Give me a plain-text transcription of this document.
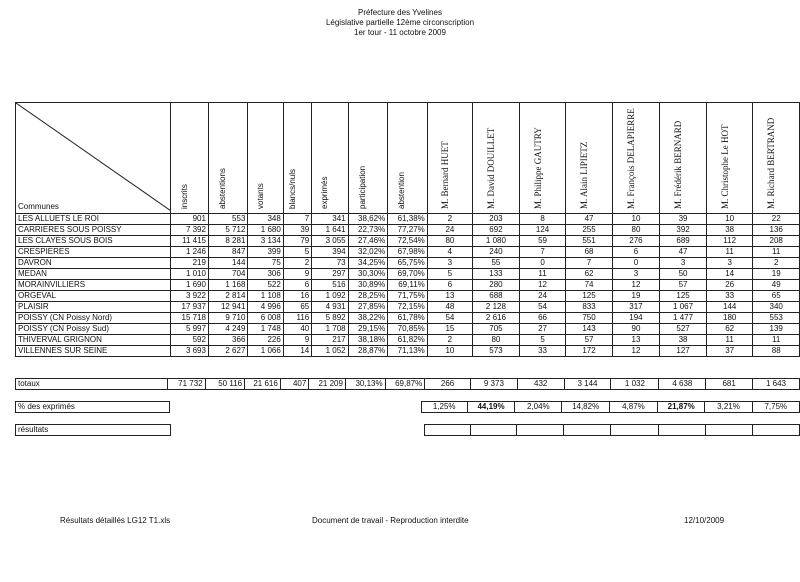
Préfecture des Yvelines
Législative partielle 12ème circonscription
1er tour - 11 octobre 2009
Communes	inscrits	abstentions	votants	blancs/nuls	exprimés	participation	abstention	M. Bernard HUET	M. David DOUILLET	M. Philippe GAUTRY	M. Alain LIPIETZ	M. François DELAPIERRE	M. Frédérik BERNARD	M. Christophe Le HOT	M. Richard BERTRAND

LES ALLUETS LE ROI	901	553	348	7	341	38,62%	61,38%	2	203	8	47	10	39	10	22
CARRIERES SOUS POISSY	7 392	5 712	1 680	39	1 641	22,73%	77,27%	24	692	124	255	80	392	38	136
LES CLAYES SOUS BOIS	11 415	8 281	3 134	79	3 055	27,46%	72,54%	80	1 080	59	551	276	689	112	208
CRESPIERES	1 246	847	399	5	394	32,02%	67,98%	4	240	7	68	6	47	11	11
DAVRON	219	144	75	2	73	34,25%	65,75%	3	55	0	7	0	3	3	2
MEDAN	1 010	704	306	9	297	30,30%	69,70%	5	133	11	62	3	50	14	19
MORAINVILLIERS	1 690	1 168	522	6	516	30,89%	69,11%	6	280	12	74	12	57	26	49
ORGEVAL	3 922	2 814	1 108	16	1 092	28,25%	71,75%	13	688	24	125	19	125	33	65
PLAISIR	17 937	12 941	4 996	65	4 931	27,85%	72,15%	48	2 128	54	833	317	1 067	144	340
POISSY (CN Poissy Nord)	15 718	9 710	6 008	116	5 892	38,22%	61,78%	54	2 616	66	750	194	1 477	180	553
POISSY (CN Poissy Sud)	5 997	4 249	1 748	40	1 708	29,15%	70,85%	15	705	27	143	90	527	62	139
THIVERVAL GRIGNON	592	366	226	9	217	38,18%	61,82%	2	80	5	57	13	38	11	11
VILLENNES SUR SEINE	3 693	2 627	1 066	14	1 052	28,87%	71,13%	10	573	33	172	12	127	37	88
totaux	71 732	50 116	21 616	407	21 209	30,13%	69,87%	266	9 373	432	3 144	1 032	4 638	681	1 643
% des exprimés								1,25%	44,19%	2,04%	14,82%	4,87%	21,87%	3,21%	7,75%
résultats															
Résultats détaillés LG12 T1.xls	Document de travail - Reproduction interdite	12/10/2009
